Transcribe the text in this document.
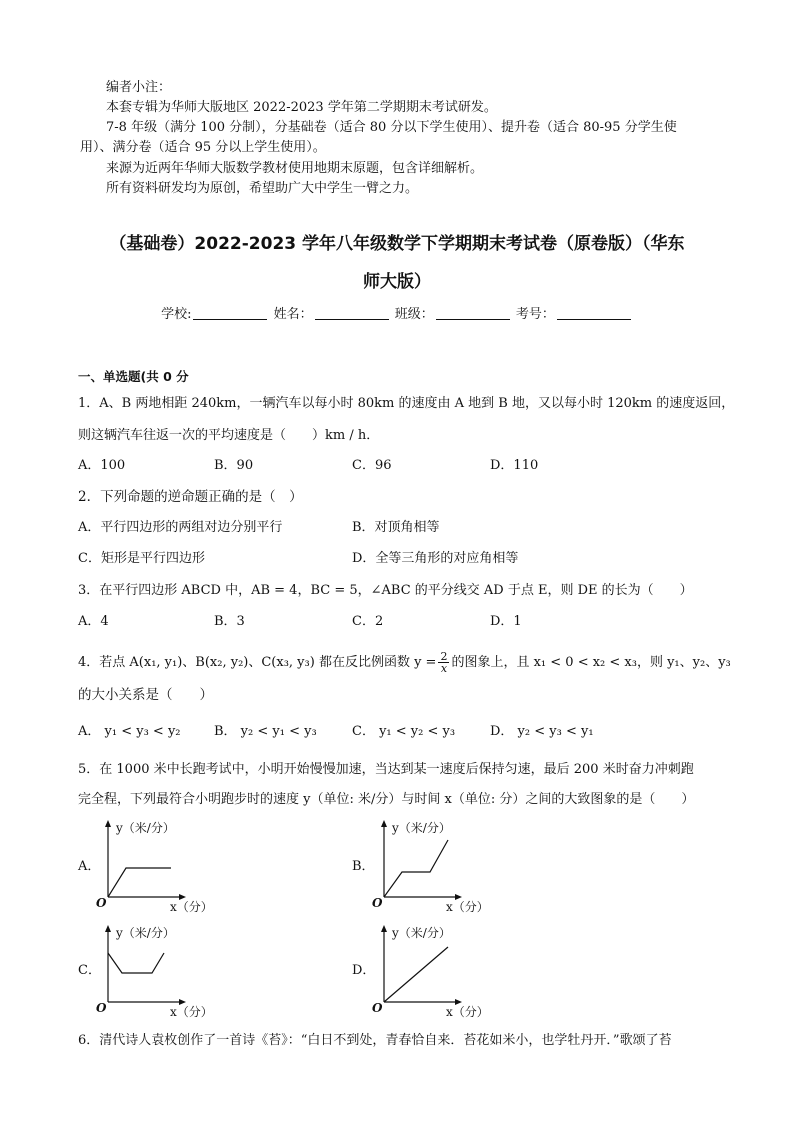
编者小注：
本套专辑为华师大版地区 2022-2023 学年第二学期期末考试研发。
7-8 年级（满分 100 分制），分基础卷（适合 80 分以下学生使用）、提升卷（适合 80-95 分学生使
用）、满分卷（适合 95 分以上学生使用）。
来源为近两年华师大版数学教材使用地期末原题，包含详细解析。
所有资料研发均为原创，希望助广大中学生一臂之力。
（基础卷）2022-2023 学年八年级数学下学期期末考试卷（原卷版）（华东
师大版）
学校:	姓名：	班级：	考号：
一、单选题(共 0 分
1．A、B 两地相距 240km，一辆汽车以每小时 80km 的速度由 A 地到 B 地，又以每小时 120km 的速度返回，
则这辆汽车往返一次的平均速度是（　　）km / h．
A．100	B．90	C．96	D．110
2．下列命题的逆命题正确的是（　）
A．平行四边形的两组对边分别平行	B．对顶角相等
C．矩形是平行四边形	D．全等三角形的对应角相等
3．在平行四边形 ABCD 中，AB = 4，BC = 5，∠ABC 的平分线交 AD 于点 E，则 DE 的长为（　　）
A．4	B．3	C．2	D．1
4．若点 A(x₁, y₁)、B(x₂, y₂)、C(x₃, y₃) 都在反比例函数 $y = \frac{2}{x}$ 的图象上，且 x₁ < 0 < x₂ < x₃，则 y₁、y₂、y₃
的大小关系是（　　）
A． y₁ < y₃ < y₂	B． y₂ < y₁ < y₃	C． y₁ < y₂ < y₃	D． y₂ < y₃ < y₁
5．在 1000 米中长跑考试中，小明开始慢慢加速，当达到某一速度后保持匀速，最后 200 米时奋力冲刺跑
完全程，下列最符合小明跑步时的速度 y（单位: 米/分）与时间 x（单位: 分）之间的大致图象的是（　　）
A．
y（米/分）
O	x（分）
B．
y（米/分）
O	x（分）
C．
y（米/分）
O	x（分）
D．
y（米/分）
O	x（分）
6．清代诗人袁枚创作了一首诗《苔》：“白日不到处，青春恰自来．苔花如米小，也学牡丹开．”歌颂了苔
